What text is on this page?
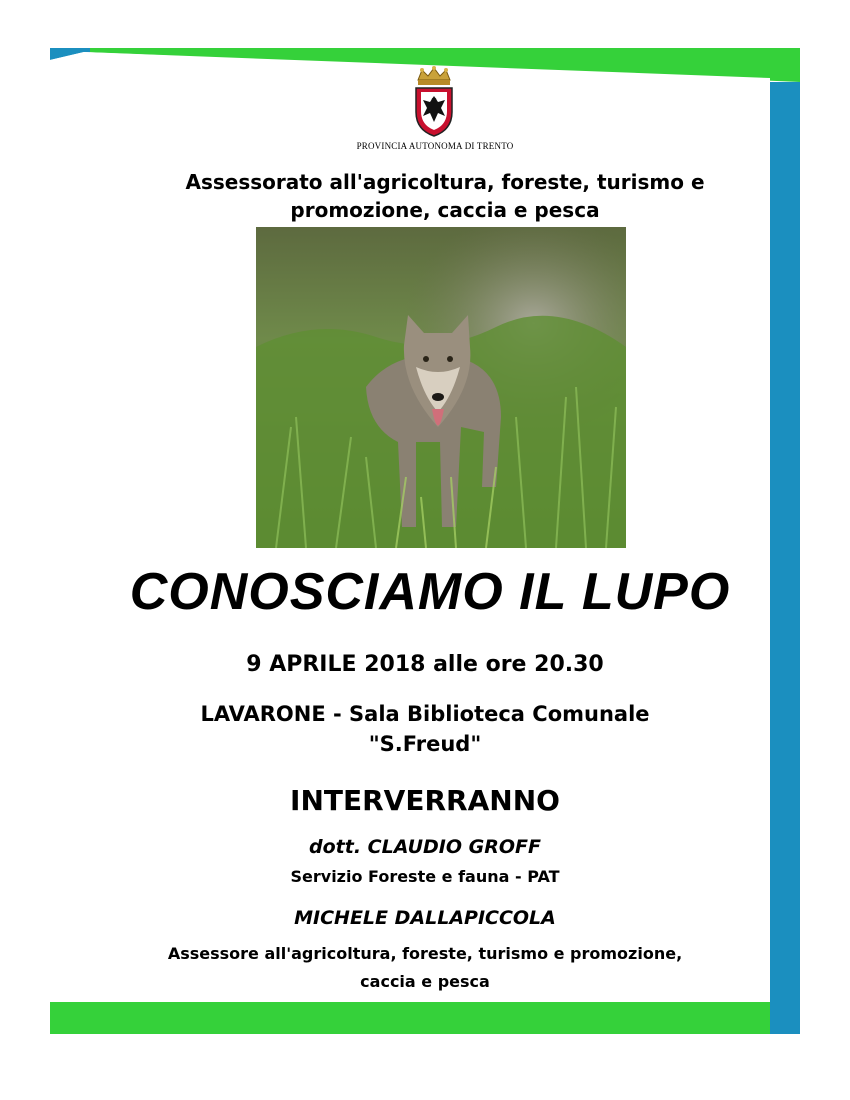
PROVINCIA AUTONOMA DI TRENTO
Assessorato all'agricoltura, foreste, turismo e
promozione, caccia e pesca
CONOSCIAMO IL LUPO
9 APRILE 2018 alle ore 20.30
LAVARONE - Sala Biblioteca Comunale
"S.Freud"
INTERVERRANNO
dott. CLAUDIO GROFF
Servizio Foreste e fauna - PAT
MICHELE DALLAPICCOLA
Assessore all'agricoltura, foreste, turismo e promozione,
caccia e pesca
